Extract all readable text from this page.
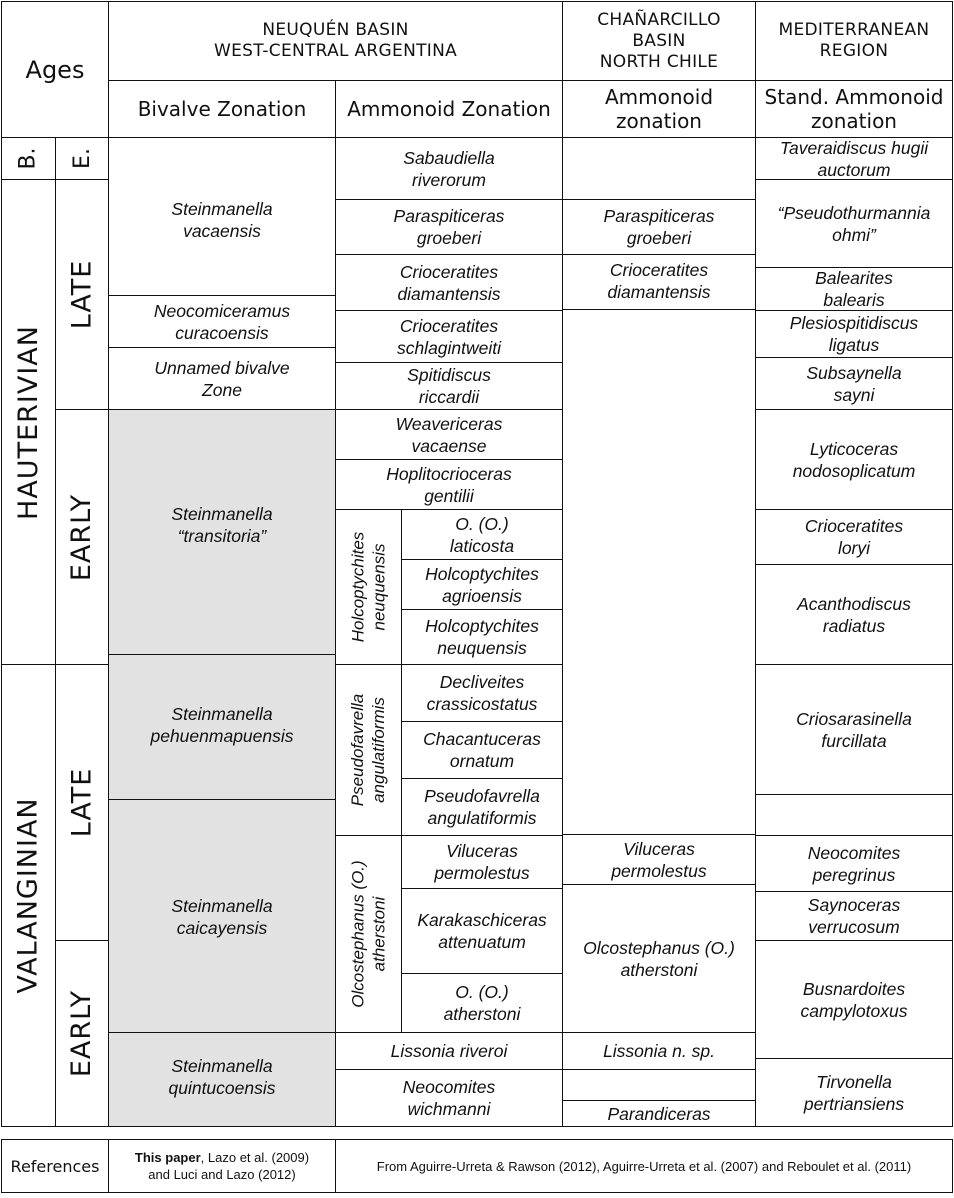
Ages
NEUQUÉN BASIN
WEST-CENTRAL ARGENTINA
CHAÑARCILLO
BASIN
NORTH CHILE
MEDITERRANEAN
REGION
Bivalve Zonation Ammonoid Zonation	Ammonoid
zonation
Stand. Ammonoid
zonation
B.
HAUTERIVIAN
VALANGINIAN
E.
LATE
EARLY
LATE
EARLY
Steinmanella
vacaensis
Neocomiceramus
curacoensis
Unnamed bivalve
Zone
Steinmanella
“transitoria”
Steinmanella
pehuenmapuensis
Steinmanella
caicayensis
Steinmanella
quintucoensis
Sabaudiella
riverorum
Paraspiticeras
groeberi
Crioceratites
diamantensis
Crioceratites
schlagintweiti
Spitidiscus
riccardii
Weavericeras
vacaense
Hoplitocrioceras
gentilii
Holcoptychites neuquensis
O. (O.)
laticosta
Holcoptychites
agrioensis
Holcoptychites
neuquensis
Pseudofavrella angulatiformis
Decliveites
crassicostatus
Chacantuceras
ornatum
Pseudofavrella
angulatiformis
Olcostephanus (O.) atherstoni
Viluceras
permolestus
Karakaschiceras
attenuatum
O. (O.)
atherstoni
Lissonia riveroi
Neocomites
wichmanni
Paraspiticeras
groeberi
Crioceratites
diamantensis
Viluceras
permolestus
Olcostephanus (O.)
atherstoni
Lissonia n. sp.
Parandiceras
Taveraidiscus hugii
auctorum
“Pseudothurmannia
ohmi”
Balearites
balearis
Plesiospitidiscus
ligatus
Subsaynella
sayni
Lyticoceras
nodosoplicatum
Crioceratites
loryi
Acanthodiscus
radiatus
Criosarasinella
furcillata
Neocomites
peregrinus
Saynoceras
verrucosum
Busnardoites
campylotoxus
Tirvonella
pertriansiens
References	This paper, Lazo et al. (2009)
and Luci and Lazo (2012)
From Aguirre-Urreta & Rawson (2012), Aguirre-Urreta et al. (2007) and Reboulet et al. (2011)
